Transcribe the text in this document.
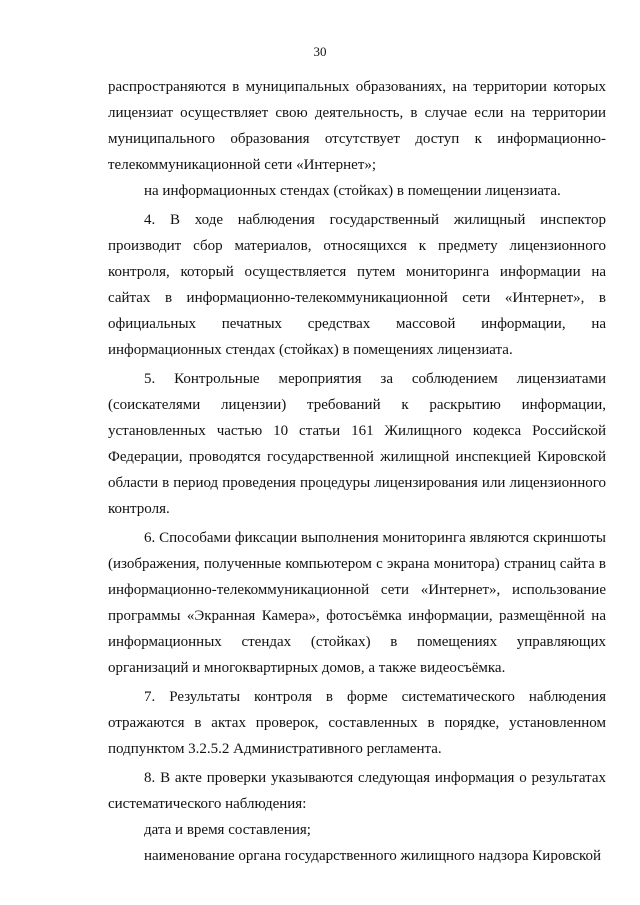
30

распространяются в муниципальных образованиях, на территории которых лицензиат осуществляет свою деятельность, в случае если на территории муниципального образования отсутствует доступ к информационно-телекоммуникационной сети «Интернет»;

на информационных стендах (стойках) в помещении лицензиата.

4. В ходе наблюдения государственный жилищный инспектор производит сбор материалов, относящихся к предмету лицензионного контроля, который осуществляется путем мониторинга информации на сайтах в информационно-телекоммуникационной сети «Интернет», в официальных печатных средствах массовой информации, на информационных стендах (стойках) в помещениях лицензиата.

5. Контрольные мероприятия за соблюдением лицензиатами (соискателями лицензии) требований к раскрытию информации, установленных частью 10 статьи 161 Жилищного кодекса Российской Федерации, проводятся государственной жилищной инспекцией Кировской области в период проведения процедуры лицензирования или лицензионного контроля.

6. Способами фиксации выполнения мониторинга являются скриншоты (изображения, полученные компьютером с экрана монитора) страниц сайта в информационно-телекоммуникационной сети «Интернет», использование программы «Экранная Камера», фотосъёмка информации, размещённой на информационных стендах (стойках) в помещениях управляющих организаций и многоквартирных домов, а также видеосъёмка.

7. Результаты контроля в форме систематического наблюдения отражаются в актах проверок, составленных в порядке, установленном подпунктом 3.2.5.2 Административного регламента.

8. В акте проверки указываются следующая информация о результатах систематического наблюдения:

дата и время составления;

наименование органа государственного жилищного надзора Кировской
